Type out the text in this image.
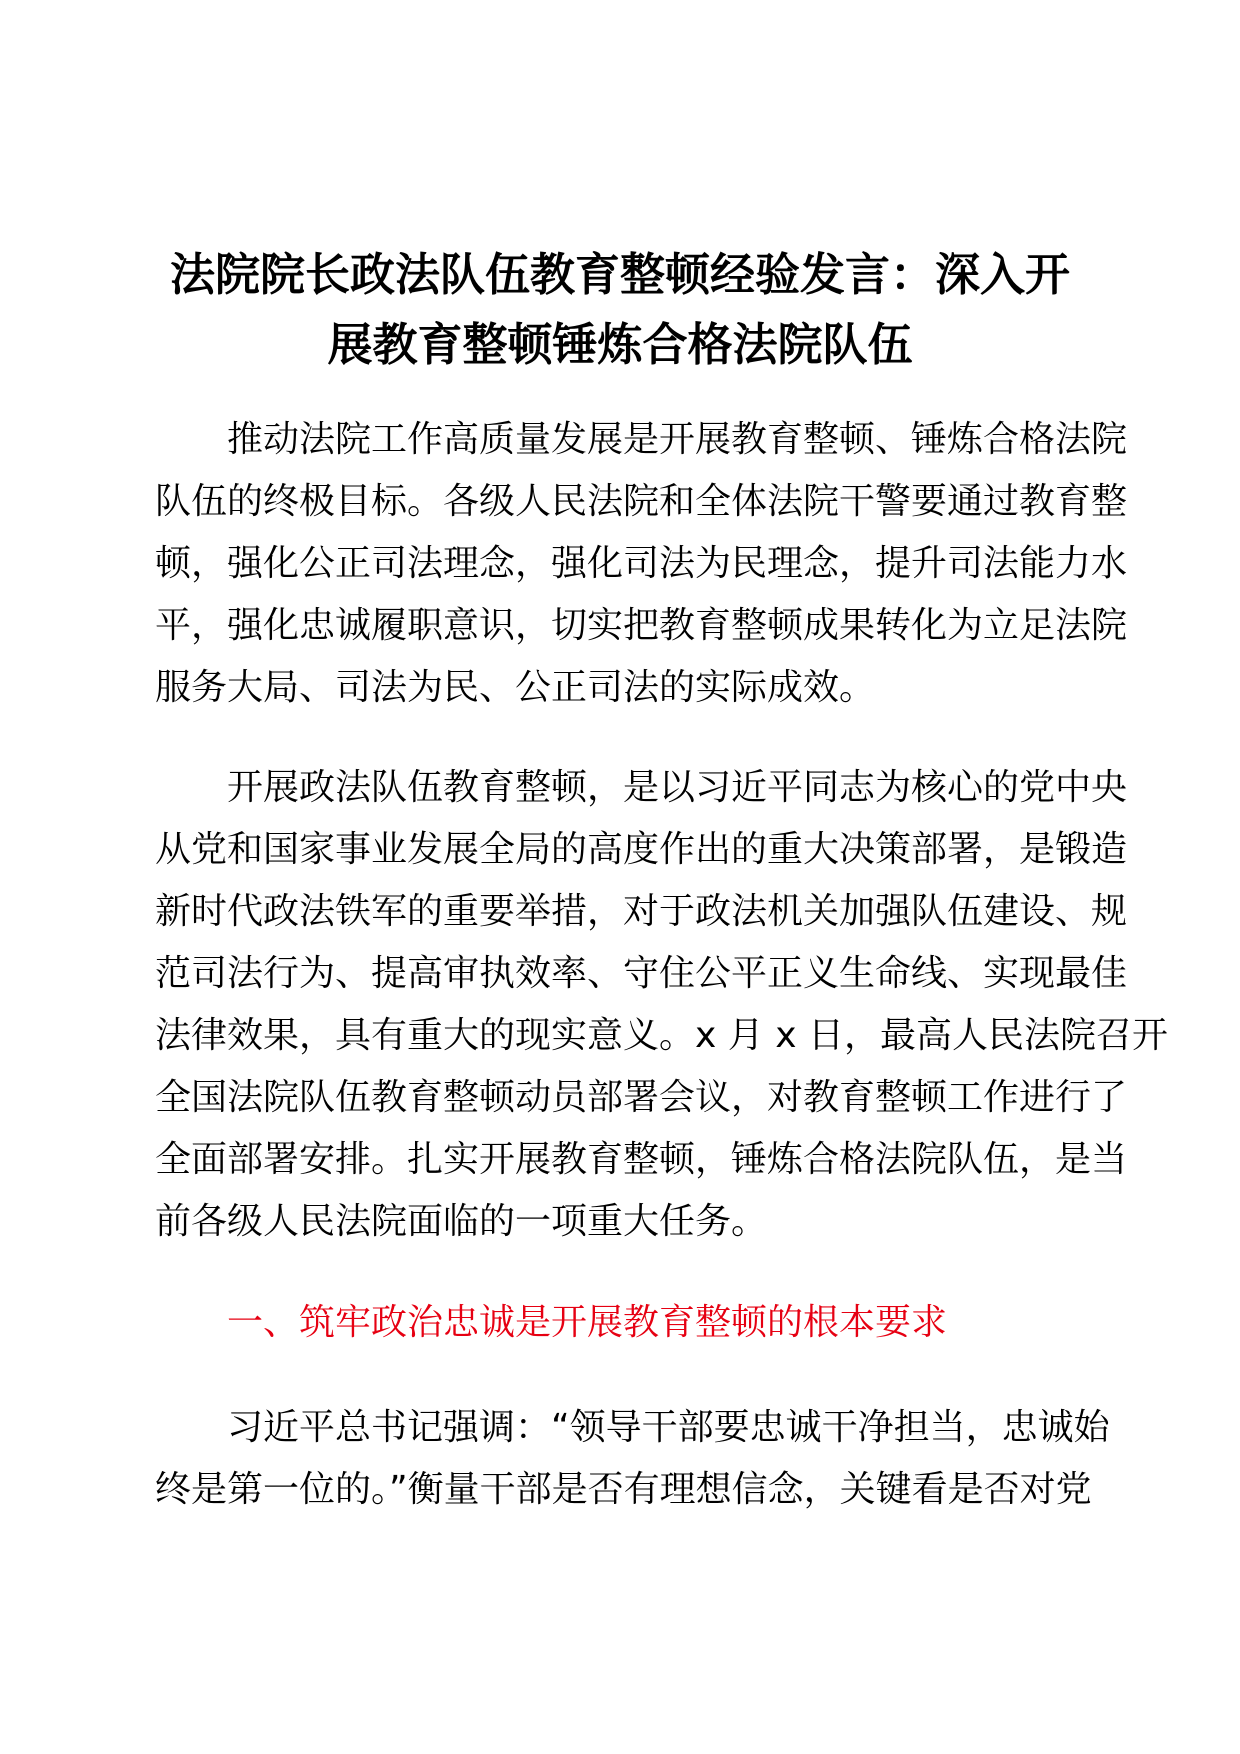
法院院长政法队伍教育整顿经验发言：深入开
展教育整顿锤炼合格法院队伍

　　推动法院工作高质量发展是开展教育整顿、锤炼合格法院
队伍的终极目标。各级人民法院和全体法院干警要通过教育整
顿，强化公正司法理念，强化司法为民理念，提升司法能力水
平，强化忠诚履职意识，切实把教育整顿成果转化为立足法院
服务大局、司法为民、公正司法的实际成效。

　　开展政法队伍教育整顿，是以习近平同志为核心的党中央
从党和国家事业发展全局的高度作出的重大决策部署，是锻造
新时代政法铁军的重要举措，对于政法机关加强队伍建设、规
范司法行为、提高审执效率、守住公平正义生命线、实现最佳
法律效果，具有重大的现实意义。x 月 x 日，最高人民法院召开
全国法院队伍教育整顿动员部署会议，对教育整顿工作进行了
全面部署安排。扎实开展教育整顿，锤炼合格法院队伍，是当
前各级人民法院面临的一项重大任务。

　　一、筑牢政治忠诚是开展教育整顿的根本要求

　　习近平总书记强调：“领导干部要忠诚干净担当，忠诚始
终是第一位的。”衡量干部是否有理想信念，关键看是否对党
